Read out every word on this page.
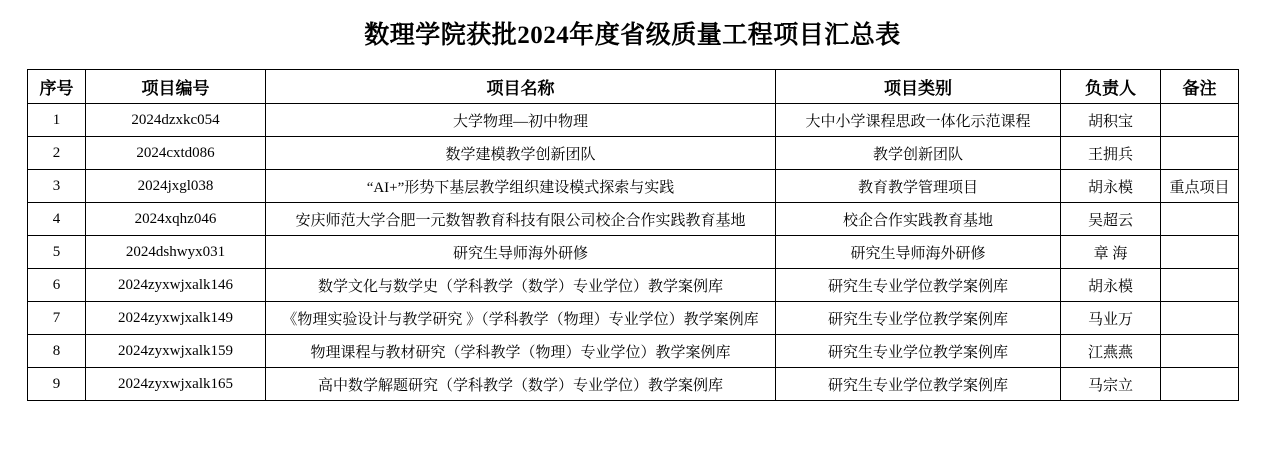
数理学院获批2024年度省级质量工程项目汇总表
序号	项目编号	项目名称	项目类别	负责人	备注
1	2024dzxkc054	大学物理—初中物理	大中小学课程思政一体化示范课程	胡积宝	
2	2024cxtd086	数学建模教学创新团队	教学创新团队	王拥兵	
3	2024jxgl038	“AI+”形势下基层教学组织建设模式探索与实践	教育教学管理项目	胡永模	重点项目
4	2024xqhz046	安庆师范大学合肥一元数智教育科技有限公司校企合作实践教育基地	校企合作实践教育基地	吴超云	
5	2024dshwyx031	研究生导师海外研修	研究生导师海外研修	章 海	
6	2024zyxwjxalk146	数学文化与数学史（学科教学（数学）专业学位）教学案例库	研究生专业学位教学案例库	胡永模	
7	2024zyxwjxalk149	《物理实验设计与教学研究 》（学科教学（物理）专业学位）教学案例库	研究生专业学位教学案例库	马业万	
8	2024zyxwjxalk159	物理课程与教材研究（学科教学（物理）专业学位）教学案例库	研究生专业学位教学案例库	江燕燕	
9	2024zyxwjxalk165	高中数学解题研究（学科教学（数学）专业学位）教学案例库	研究生专业学位教学案例库	马宗立	
